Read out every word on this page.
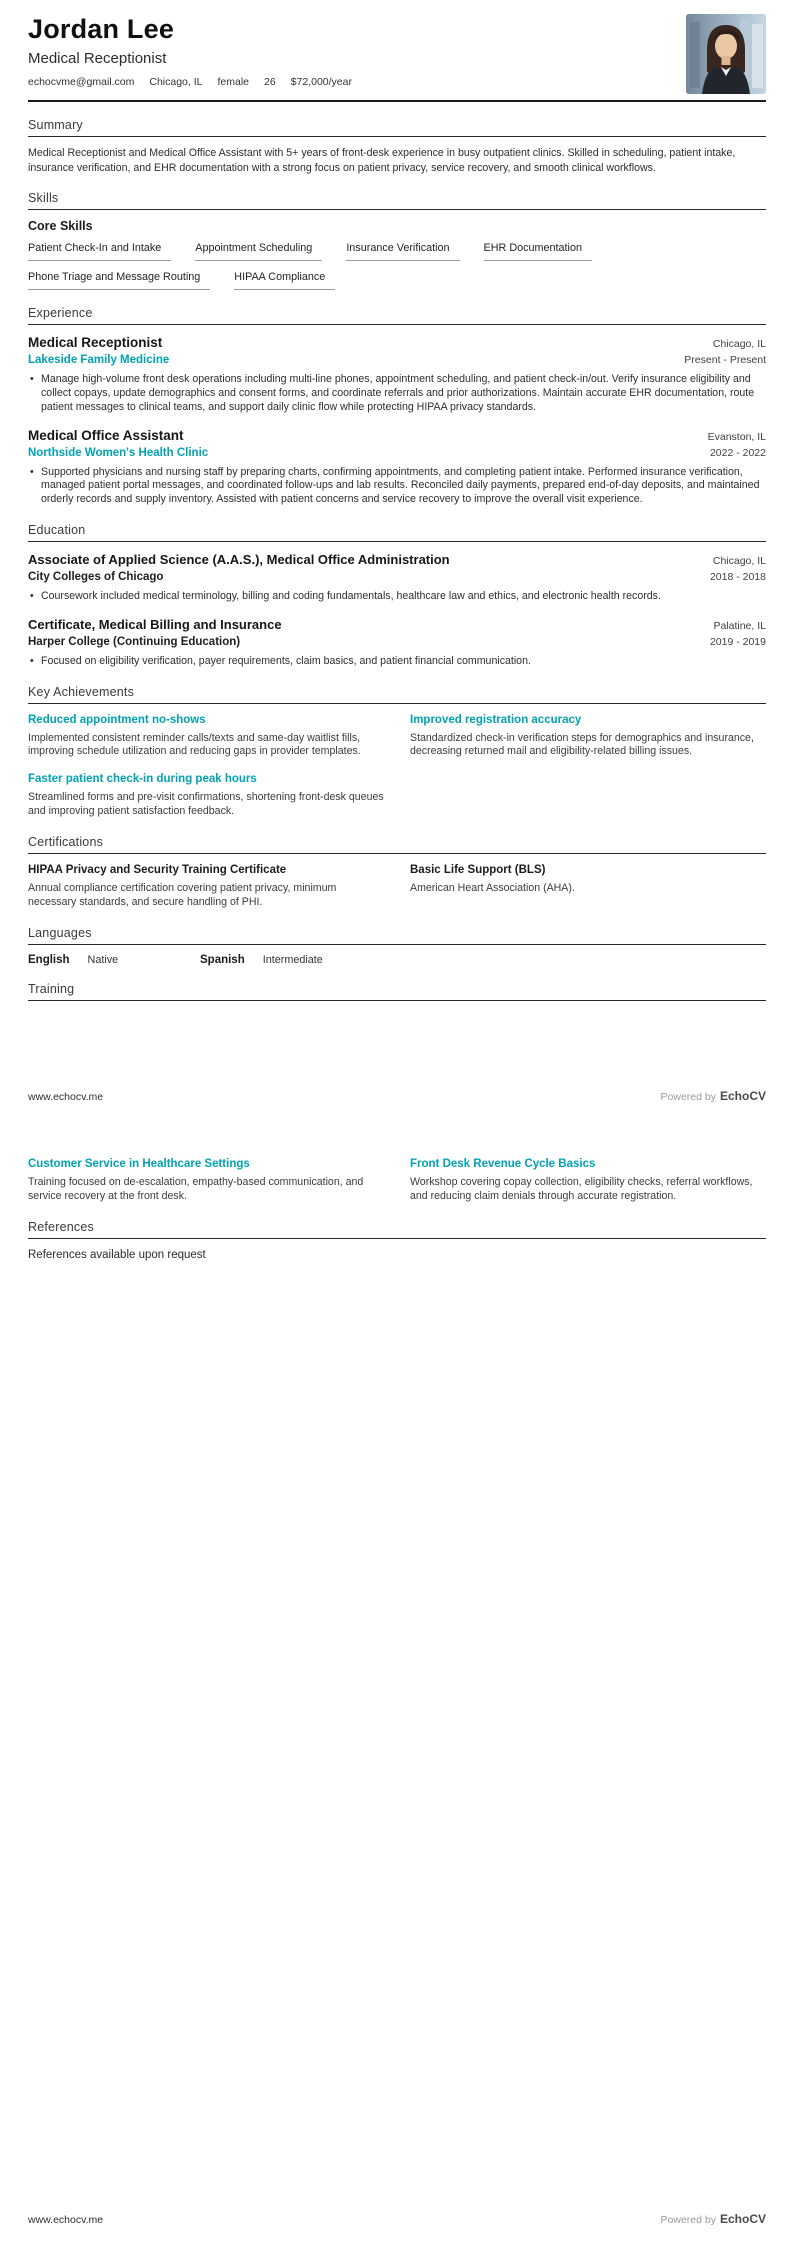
Jordan Lee
Medical Receptionist
echocvme@gmail.com Chicago, IL female 26 $72,000/year
Summary

Medical Receptionist and Medical Office Assistant with 5+ years of front-desk experience in busy outpatient clinics. Skilled in scheduling, patient intake, insurance verification, and EHR documentation with a strong focus on patient privacy, service recovery, and smooth clinical workflows.

Skills
Core Skills
Patient Check-In and Intake	Appointment Scheduling	Insurance Verification	EHR Documentation
Phone Triage and Message Routing	HIPAA Compliance
Experience
Medical Receptionist	Chicago, IL
Lakeside Family Medicine	Present - Present
• Manage high-volume front desk operations including multi-line phones, appointment scheduling, and patient check-in/out. Verify insurance eligibility and collect copays, update demographics and consent forms, and coordinate referrals and prior authorizations. Maintain accurate EHR documentation, route patient messages to clinical teams, and support daily clinic flow while protecting HIPAA privacy standards.
Medical Office Assistant	Evanston, IL
Northside Women's Health Clinic	2022 - 2022
• Supported physicians and nursing staff by preparing charts, confirming appointments, and completing patient intake. Performed insurance verification, managed patient portal messages, and coordinated follow-ups and lab results. Reconciled daily payments, prepared end-of-day deposits, and maintained orderly records and supply inventory. Assisted with patient concerns and service recovery to improve the overall visit experience.
Education
Associate of Applied Science (A.A.S.), Medical Office Administration	Chicago, IL
City Colleges of Chicago	2018 - 2018
• Coursework included medical terminology, billing and coding fundamentals, healthcare law and ethics, and electronic health records.
Certificate, Medical Billing and Insurance	Palatine, IL
Harper College (Continuing Education)	2019 - 2019
• Focused on eligibility verification, payer requirements, claim basics, and patient financial communication.
Key Achievements
Reduced appointment no-shows
Implemented consistent reminder calls/texts and same-day waitlist fills, improving schedule utilization and reducing gaps in provider templates.
Improved registration accuracy
Standardized check-in verification steps for demographics and insurance, decreasing returned mail and eligibility-related billing issues.
Faster patient check-in during peak hours
Streamlined forms and pre-visit confirmations, shortening front-desk queues and improving patient satisfaction feedback.
Certifications
HIPAA Privacy and Security Training Certificate
Annual compliance certification covering patient privacy, minimum necessary standards, and secure handling of PHI.
Basic Life Support (BLS)
American Heart Association (AHA).
Languages
English Native	Spanish Intermediate
Training
www.echocv.me	Powered by EchoCV
Customer Service in Healthcare Settings
Training focused on de-escalation, empathy-based communication, and service recovery at the front desk.
Front Desk Revenue Cycle Basics
Workshop covering copay collection, eligibility checks, referral workflows, and reducing claim denials through accurate registration.
References
References available upon request
www.echocv.me	Powered by EchoCV
